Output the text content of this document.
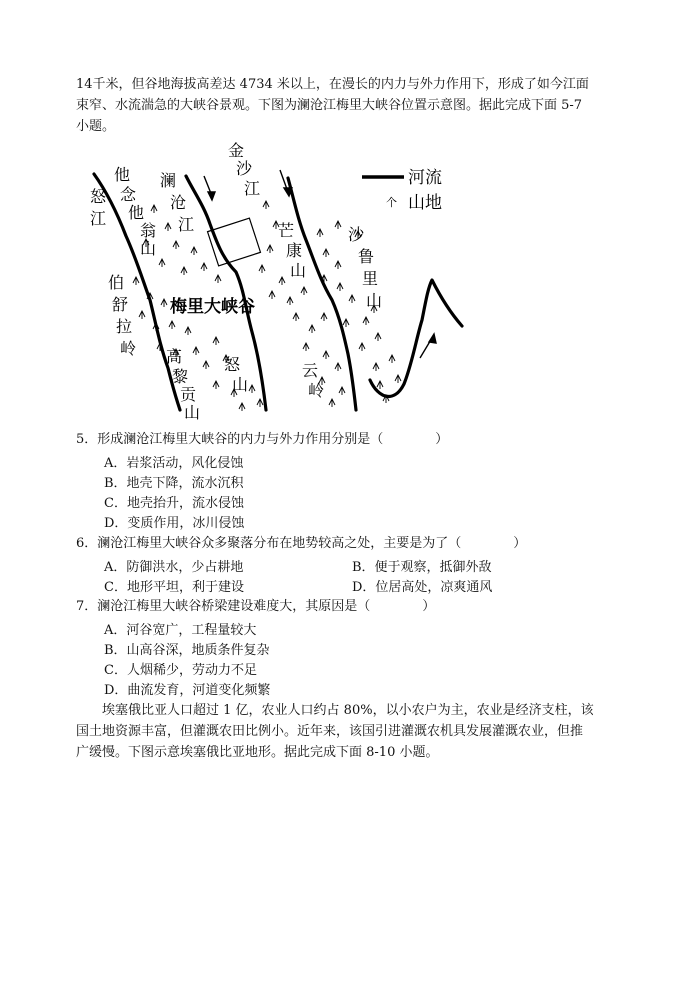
14千米，但谷地海拔高差达 4734 米以上，在漫长的内力与外力作用下，形成了如今江面
束窄、水流湍急的大峡谷景观。下图为澜沧江梅里大峡谷位置示意图。据此完成下面 5-7
小题。
河流
个 山地
怒
江
金
沙
江
澜
沧
江
他
念
他
翁
山
芒
康
山
沙
鲁
里
山
伯
舒
拉
岭 高
黎
贡
山
怒
山
云
岭
梅里大峡谷
5．形成澜沧江梅里大峡谷的内力与外力作用分别是（　　　　）
A．岩浆活动，风化侵蚀
B．地壳下降，流水沉积
C．地壳抬升，流水侵蚀
D．变质作用，冰川侵蚀
6．澜沧江梅里大峡谷众多聚落分布在地势较高之处，主要是为了（　　　　）
A．防御洪水，少占耕地	B．便于观察，抵御外敌
C．地形平坦，利于建设	D．位居高处，凉爽通风
7．澜沧江梅里大峡谷桥梁建设难度大，其原因是（　　　　）
A．河谷宽广，工程量较大
B．山高谷深，地质条件复杂
C．人烟稀少，劳动力不足
D．曲流发育，河道变化频繁
　　埃塞俄比亚人口超过 1 亿，农业人口约占 80%，以小农户为主，农业是经济支柱，该
国土地资源丰富，但灌溉农田比例小。近年来，该国引进灌溉农机具发展灌溉农业，但推
广缓慢。下图示意埃塞俄比亚地形。据此完成下面 8-10 小题。
